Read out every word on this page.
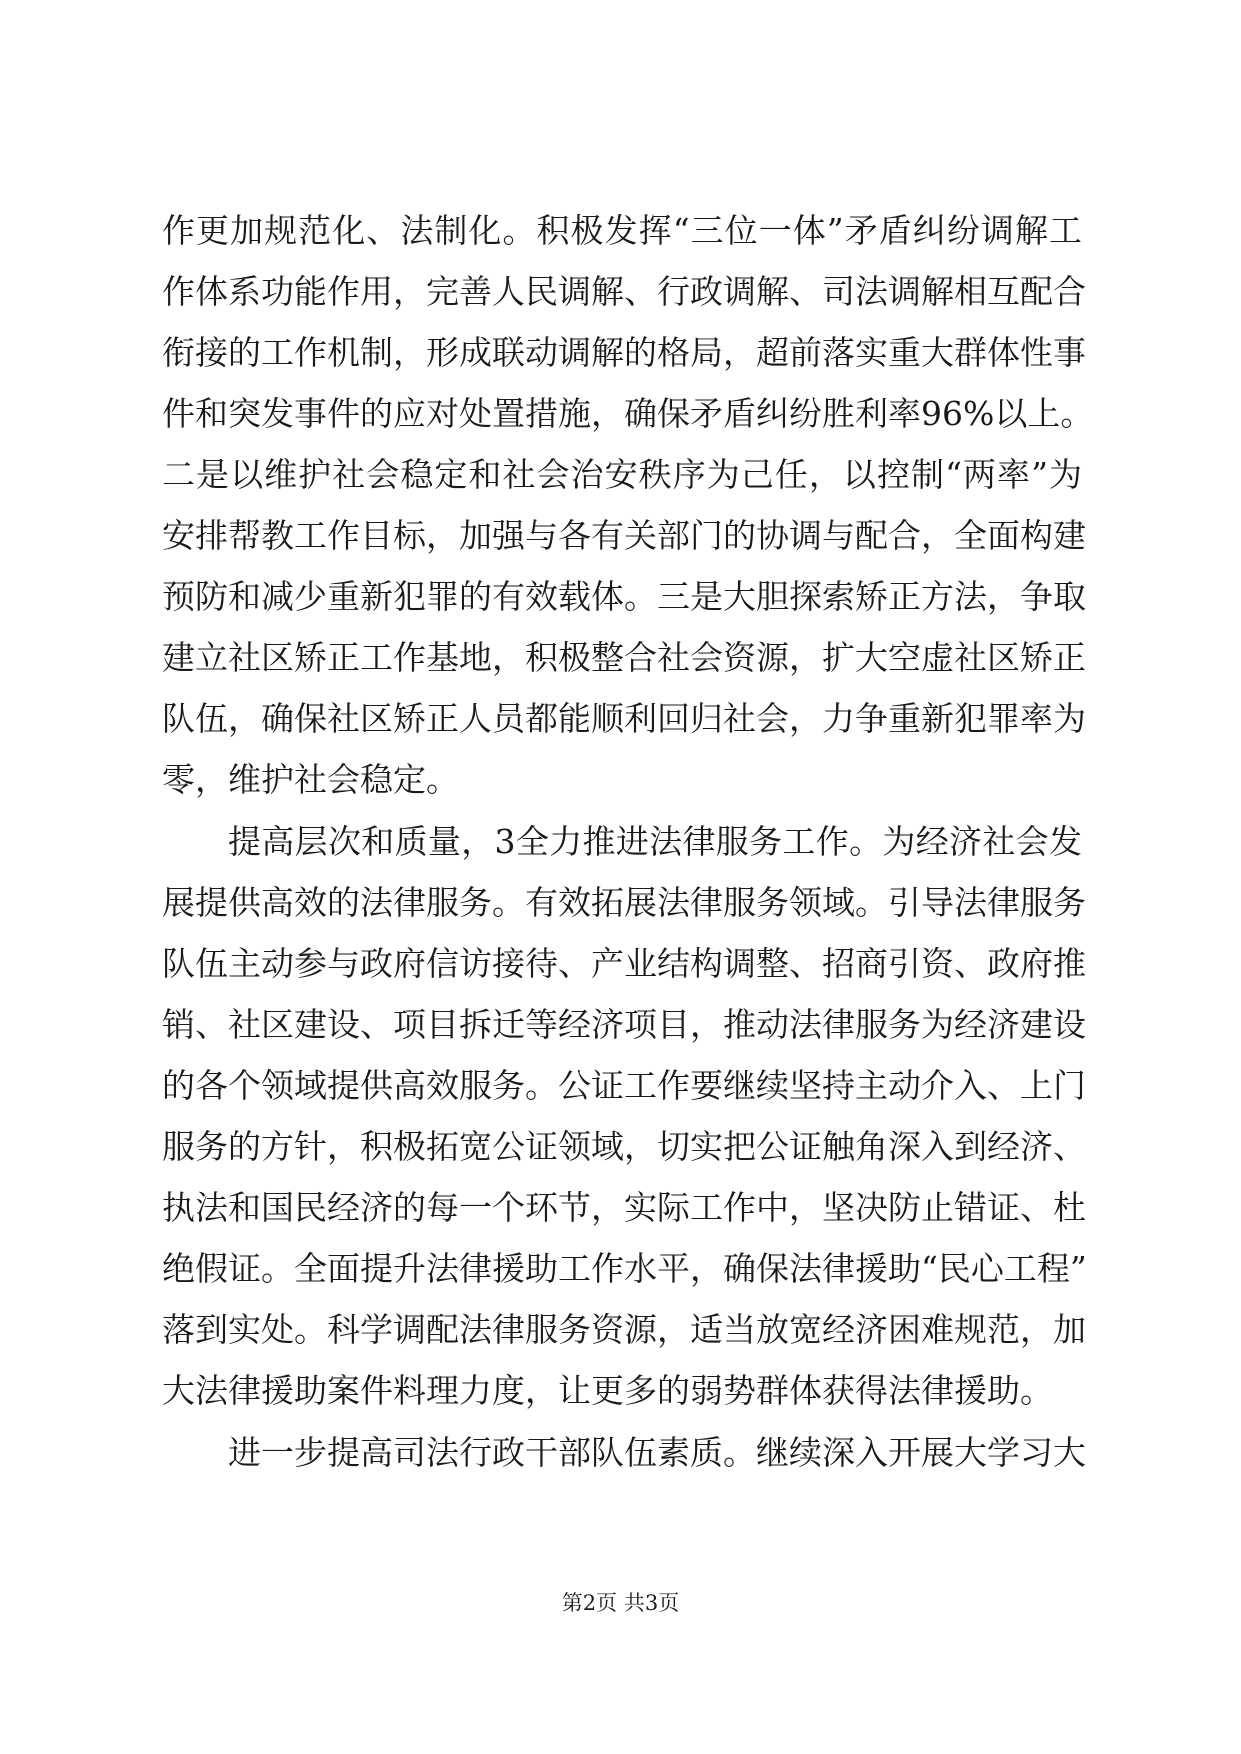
作更加规范化、法制化。积极发挥“三位一体”矛盾纠纷调解工
作体系功能作用，完善人民调解、行政调解、司法调解相互配合
衔接的工作机制，形成联动调解的格局，超前落实重大群体性事
件和突发事件的应对处置措施，确保矛盾纠纷胜利率96%以上。
二是以维护社会稳定和社会治安秩序为己任，以控制“两率”为
安排帮教工作目标，加强与各有关部门的协调与配合，全面构建
预防和减少重新犯罪的有效载体。三是大胆探索矫正方法，争取
建立社区矫正工作基地，积极整合社会资源，扩大空虚社区矫正
队伍，确保社区矫正人员都能顺利回归社会，力争重新犯罪率为
零，维护社会稳定。
提高层次和质量，3全力推进法律服务工作。为经济社会发
展提供高效的法律服务。有效拓展法律服务领域。引导法律服务
队伍主动参与政府信访接待、产业结构调整、招商引资、政府推
销、社区建设、项目拆迁等经济项目，推动法律服务为经济建设
的各个领域提供高效服务。公证工作要继续坚持主动介入、上门
服务的方针，积极拓宽公证领域，切实把公证触角深入到经济、
执法和国民经济的每一个环节，实际工作中，坚决防止错证、杜
绝假证。全面提升法律援助工作水平，确保法律援助“民心工程”
落到实处。科学调配法律服务资源，适当放宽经济困难规范，加
大法律援助案件料理力度，让更多的弱势群体获得法律援助。
进一步提高司法行政干部队伍素质。继续深入开展大学习大
第2页 共3页
